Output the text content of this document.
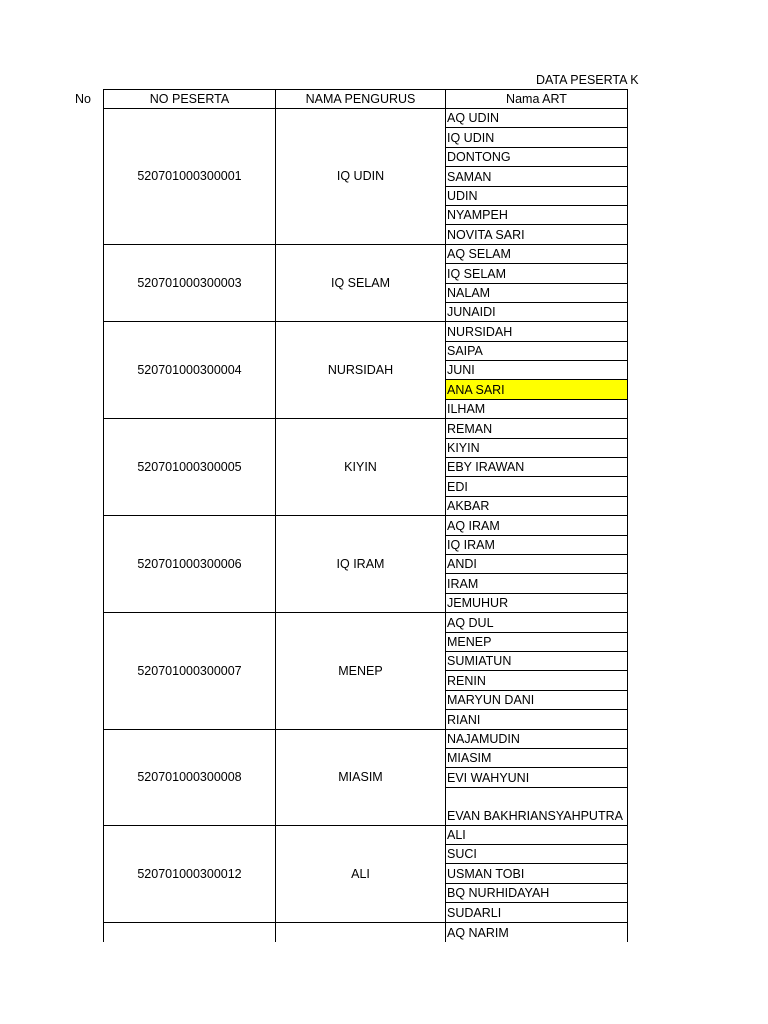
DATA PESERTA K
No	NO PESERTA	NAMA PENGURUS	Nama ART
520701000300001	IQ UDIN	AQ UDIN
		IQ UDIN
		DONTONG
		SAMAN
		UDIN
		NYAMPEH
		NOVITA SARI
520701000300003	IQ SELAM	AQ SELAM
		IQ SELAM
		NALAM
		JUNAIDI
520701000300004	NURSIDAH	NURSIDAH
		SAIPA
		JUNI
		ANA SARI
		ILHAM
520701000300005	KIYIN	REMAN
		KIYIN
		EBY IRAWAN
		EDI
		AKBAR
520701000300006	IQ IRAM	AQ IRAM
		IQ IRAM
		ANDI
		IRAM
		JEMUHUR
520701000300007	MENEP	AQ DUL
		MENEP
		SUMIATUN
		RENIN
		MARYUN DANI
		RIANI
520701000300008	MIASIM	NAJAMUDIN
		MIASIM
		EVI WAHYUNI
		EVAN BAKHRIANSYAHPUTRA
520701000300012	ALI	ALI
		SUCI
		USMAN TOBI
		BQ NURHIDAYAH
		SUDARLI
		AQ NARIM
